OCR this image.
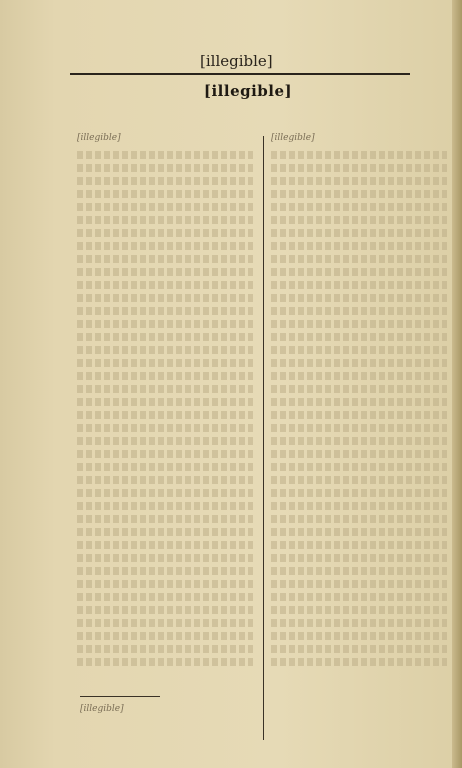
[illegible]
[illegible]
[illegible]	[illegible]
[illegible]
